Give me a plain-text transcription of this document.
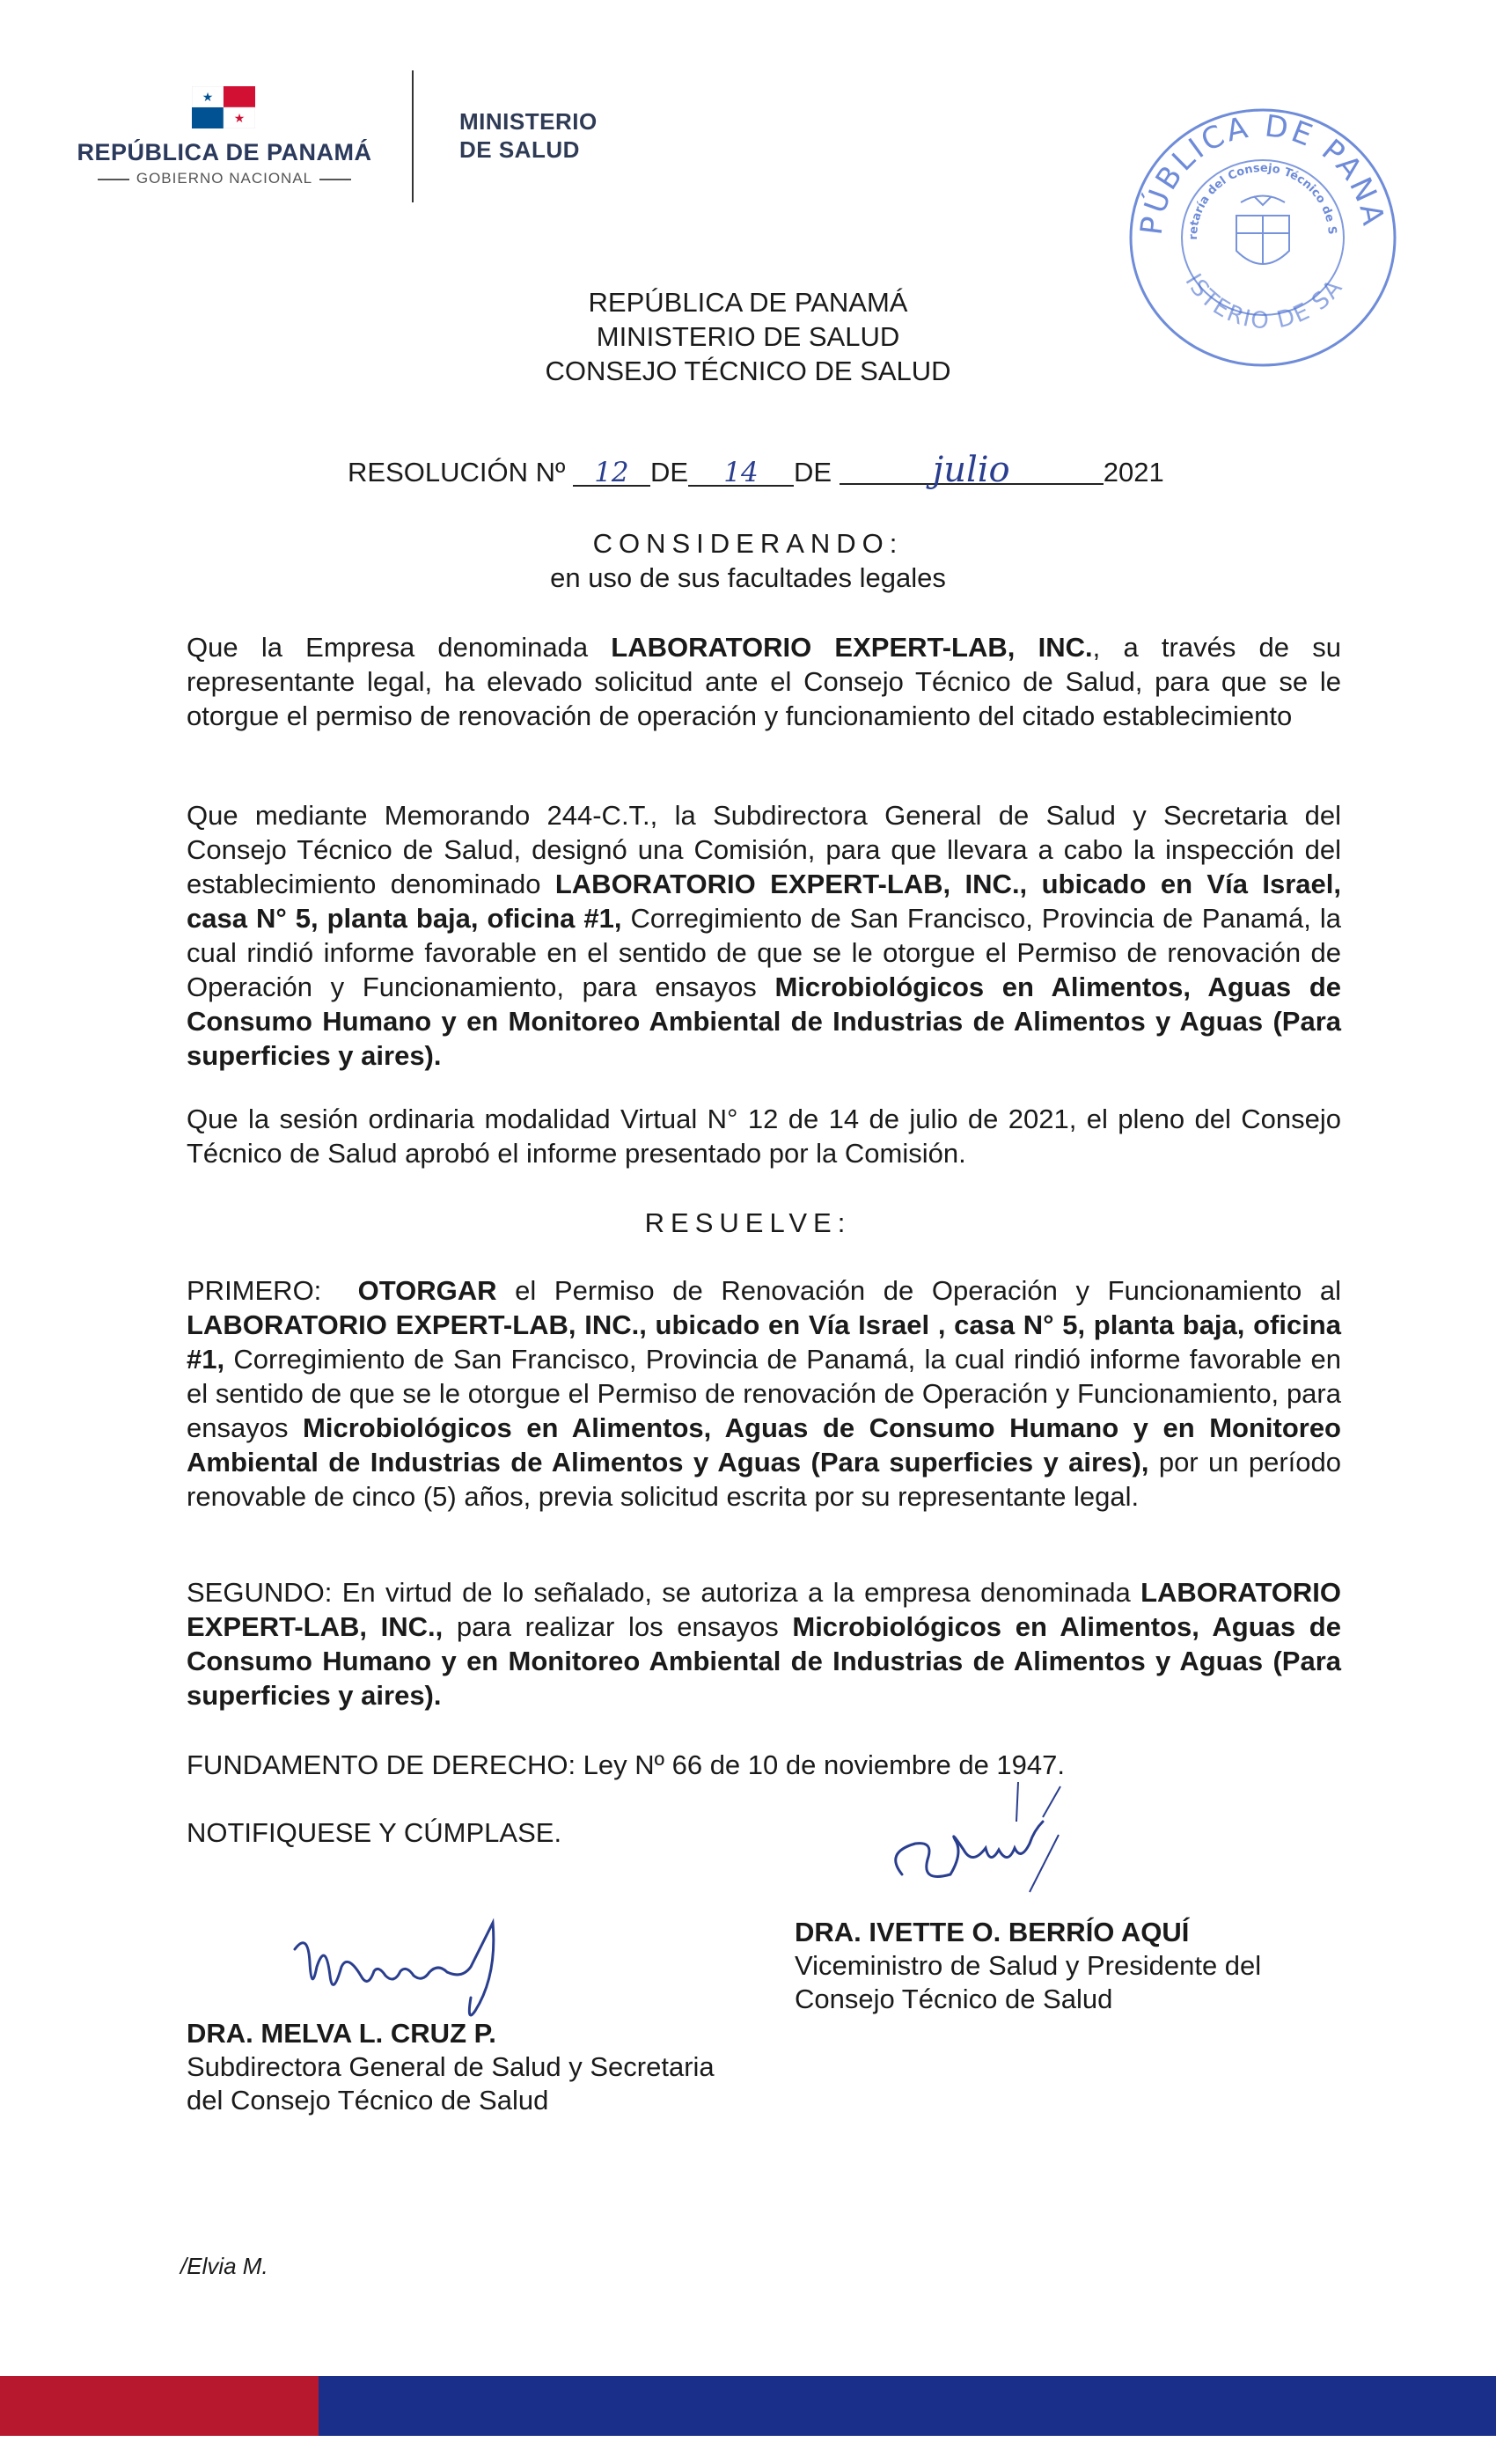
★
★
REPÚBLICA DE PANAMÁ
GOBIERNO NACIONAL
MINISTERIO
DE SALUD
PÚBLICA DE PANA
retaría del Consejo Técnico de S
ISTERIO DE SA
REPÚBLICA DE PANAMÁ
MINISTERIO DE SALUD
CONSEJO TÉCNICO DE SALUD
RESOLUCIÓN Nº 12 DE 14 DE	julio	2021
CONSIDERANDO:
en uso de sus facultades legales
Que la Empresa denominada LABORATORIO EXPERT-LAB, INC., a través de su representante legal, ha elevado solicitud ante el Consejo Técnico de Salud, para que se le otorgue el permiso de renovación de operación y funcionamiento del citado establecimiento
Que mediante Memorando 244-C.T., la Subdirectora General de Salud y Secretaria del Consejo Técnico de Salud, designó una Comisión, para que llevara a cabo la inspección del establecimiento denominado LABORATORIO EXPERT-LAB, INC., ubicado en Vía Israel, casa N° 5, planta baja, oficina #1, Corregimiento de San Francisco, Provincia de Panamá, la cual rindió informe favorable en el sentido de que se le otorgue el Permiso de renovación de Operación y Funcionamiento, para ensayos Microbiológicos en Alimentos, Aguas de Consumo Humano y en Monitoreo Ambiental de Industrias de Alimentos y Aguas (Para superficies y aires).
Que la sesión ordinaria modalidad Virtual N° 12 de 14 de julio de 2021, el pleno del Consejo Técnico de Salud aprobó el informe presentado por la Comisión.
RESUELVE:
PRIMERO: OTORGAR el Permiso de Renovación de Operación y Funcionamiento al LABORATORIO EXPERT-LAB, INC., ubicado en Vía Israel , casa N° 5, planta baja, oficina #1, Corregimiento de San Francisco, Provincia de Panamá, la cual rindió informe favorable en el sentido de que se le otorgue el Permiso de renovación de Operación y Funcionamiento, para ensayos Microbiológicos en Alimentos, Aguas de Consumo Humano y en Monitoreo Ambiental de Industrias de Alimentos y Aguas (Para superficies y aires), por un período renovable de cinco (5) años, previa solicitud escrita por su representante legal.
SEGUNDO: En virtud de lo señalado, se autoriza a la empresa denominada LABORATORIO EXPERT-LAB, INC., para realizar los ensayos Microbiológicos en Alimentos, Aguas de Consumo Humano y en Monitoreo Ambiental de Industrias de Alimentos y Aguas (Para superficies y aires).
FUNDAMENTO DE DERECHO: Ley Nº 66 de 10 de noviembre de 1947.
NOTIFIQUESE Y CÚMPLASE.
DRA. IVETTE O. BERRÍO AQUÍ
Viceministro de Salud y Presidente del
Consejo Técnico de Salud
DRA. MELVA L. CRUZ P.
Subdirectora General de Salud y Secretaria
del Consejo Técnico de Salud
/Elvia M.
